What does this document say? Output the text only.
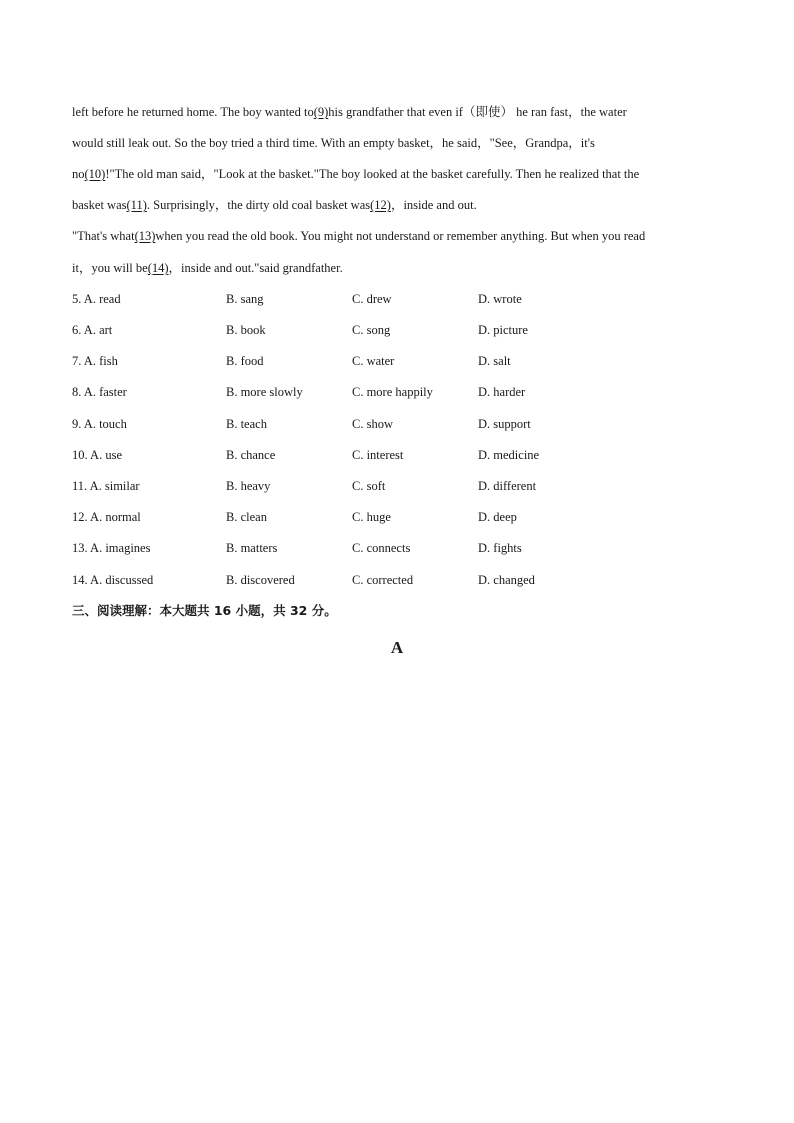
left before he returned home. The boy wanted to(9)his grandfather that even if（即使） he ran fast，the water
would still leak out. So the boy tried a third time. With an empty basket，he said，"See，Grandpa，it's
no(10)!"The old man said，"Look at the basket."The boy looked at the basket carefully. Then he realized that the
basket was(11). Surprisingly，the dirty old coal basket was(12)，inside and out.
"That's what(13)when you read the old book. You might not understand or remember anything. But when you read
it，you will be(14)，inside and out."said grandfather.
5. A. read	B. sang	C. drew	D. wrote
6. A. art	B. book	C. song	D. picture
7. A. fish	B. food	C. water	D. salt
8. A. faster	B. more slowly	C. more happily	D. harder
9. A. touch	B. teach	C. show	D. support
10. A. use	B. chance	C. interest	D. medicine
11. A. similar	B. heavy	C. soft	D. different
12. A. normal	B. clean	C. huge	D. deep
13. A. imagines	B. matters	C. connects	D. fights
14. A. discussed	B. discovered	C. corrected	D. changed
三、阅读理解：本大题共 16 小题，共 32 分。
A
